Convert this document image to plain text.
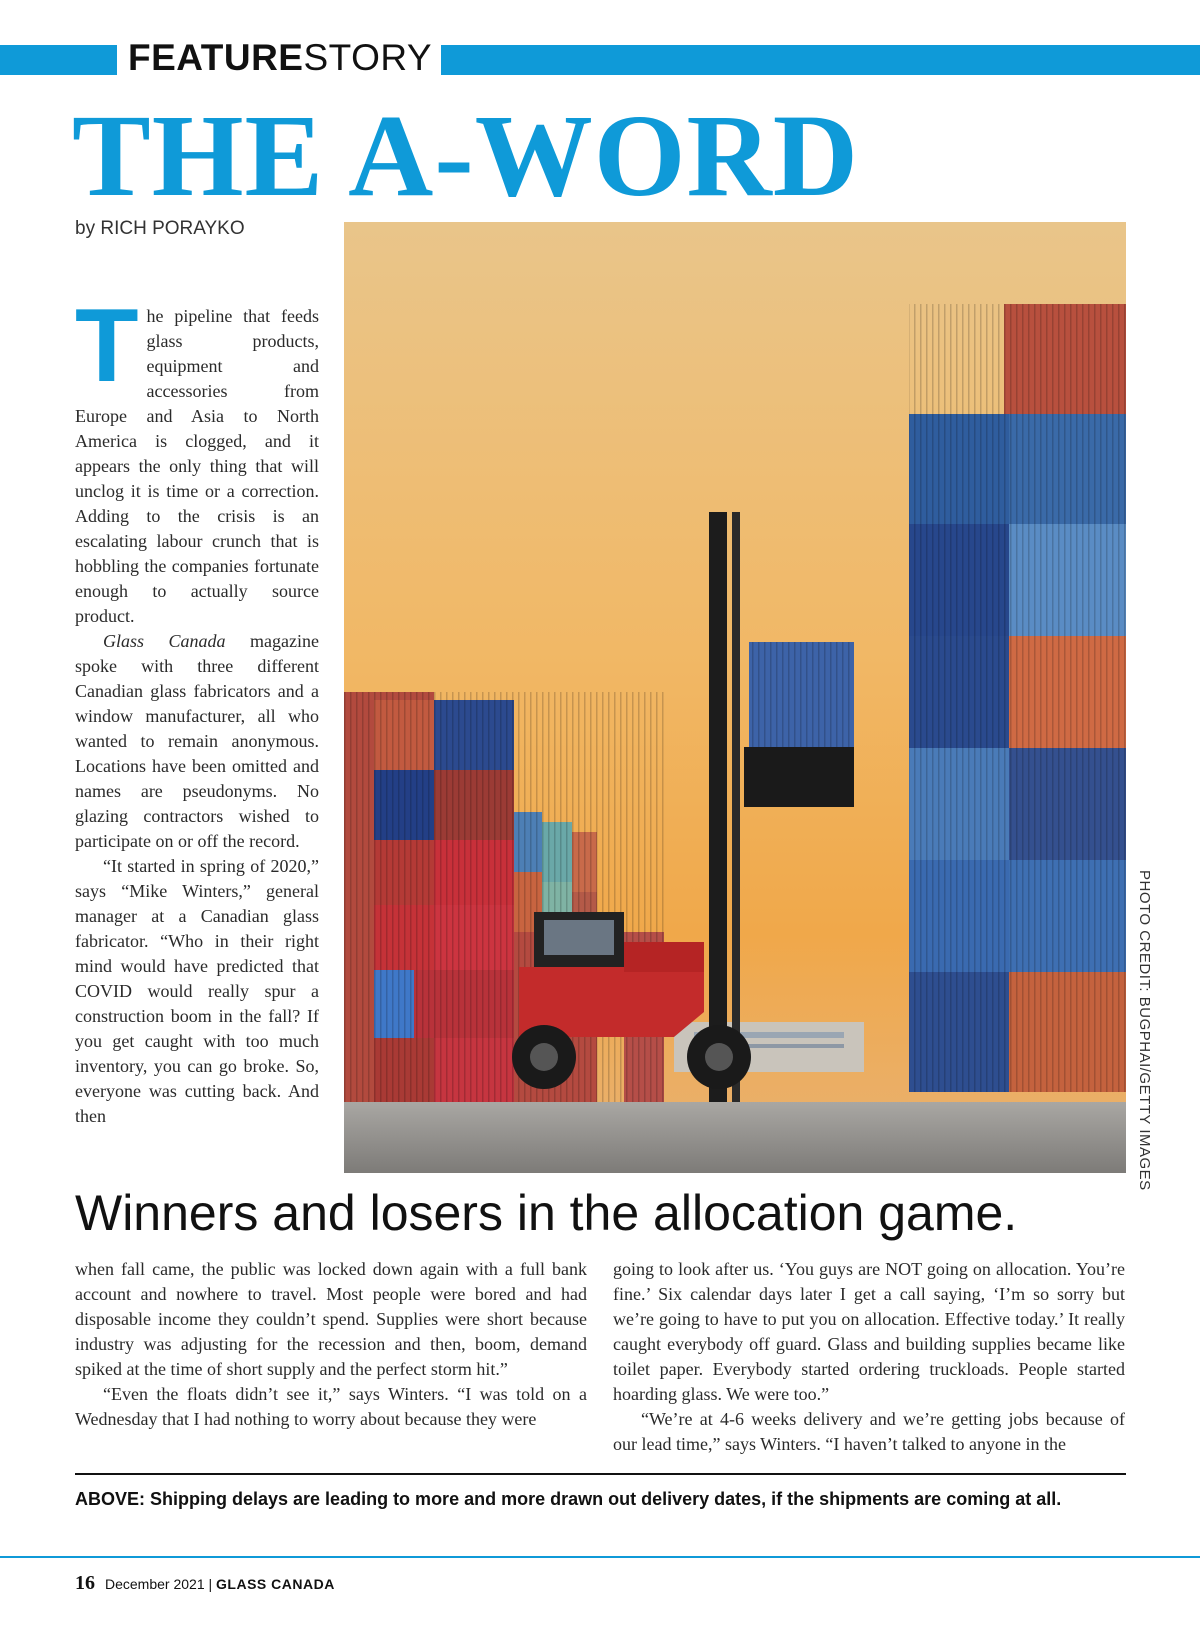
FEATURESTORY
THE A-WORD
by RICH PORAYKO

The pipeline that feeds glass products, equipment and accessories from Europe and Asia to North America is clogged, and it appears the only thing that will unclog it is time or a correction. Adding to the crisis is an escalating labour crunch that is hobbling the companies fortunate enough to actually source product.

Glass Canada magazine spoke with three different Canadian glass fabricators and a window manufacturer, all who wanted to remain anonymous. Locations have been omitted and names are pseudonyms. No glazing contractors wished to participate on or off the record.

“It started in spring of 2020,” says “Mike Winters,” general manager at a Canadian glass fabricator. “Who in their right mind would have predicted that COVID would really spur a construction boom in the fall? If you get caught with too much inventory, you can go broke. So, everyone was cutting back. And then	PHOTO CREDIT: BUGPHAI/GETTY IMAGES
Winners and losers in the allocation game.

when fall came, the public was locked down again with a full bank account and nowhere to travel. Most people were bored and had disposable income they couldn’t spend. Supplies were short because industry was adjusting for the recession and then, boom, demand spiked at the time of short supply and the perfect storm hit.”

“Even the floats didn’t see it,” says Winters. “I was told on a Wednesday that I had nothing to worry about because they were

going to look after us. ‘You guys are NOT going on allocation. You’re fine.’ Six calendar days later I get a call saying, ‘I’m so sorry but we’re going to have to put you on allocation. Effective today.’ It really caught everybody off guard. Glass and building supplies became like toilet paper. Everybody started ordering truckloads. People started hoarding glass. We were too.”

“We’re at 4-6 weeks delivery and we’re getting jobs because of our lead time,” says Winters. “I haven’t talked to anyone in the

ABOVE: Shipping delays are leading to more and more drawn out delivery dates, if the shipments are coming at all.
16 December 2021 | GLASS CANADA
